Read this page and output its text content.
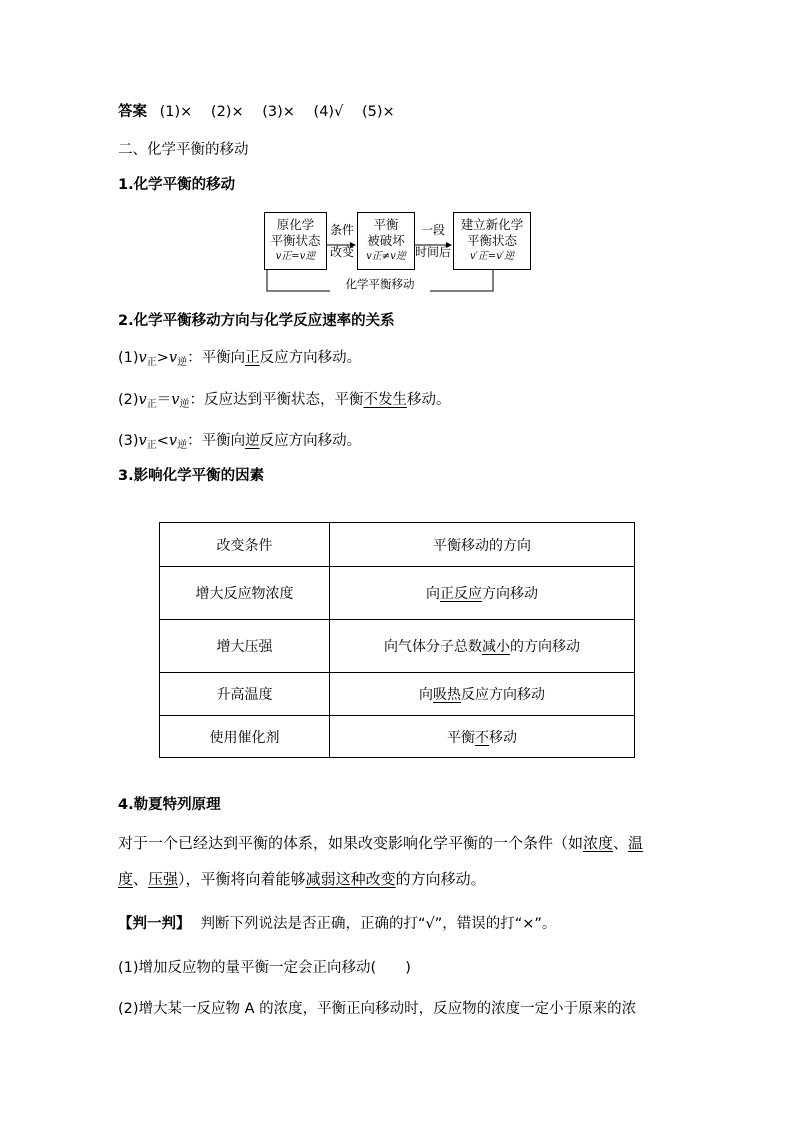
答案 (1)× (2)× (3)× (4)√ (5)×
二、化学平衡的移动
1.化学平衡的移动
原化学
平衡状态
v正=v逆
条件
改变
平衡
被破坏
v正≠v逆
一段
时间后
建立新化学
平衡状态
v′正=v′逆
化学平衡移动
2.化学平衡移动方向与化学反应速率的关系
$(1)v_正>v_逆$：平衡向正反应方向移动。
$(2)v_正=v_逆$：反应达到平衡状态，平衡不发生移动。
$(3)v_正<v_逆$：平衡向逆反应方向移动。
3.影响化学平衡的因素
改变条件	平衡移动的方向
增大反应物浓度	向正反应方向移动
增大压强	向气体分子总数减小的方向移动
升高温度	向吸热反应方向移动
使用催化剂	平衡不移动
4.勒夏特列原理
对于一个已经达到平衡的体系，如果改变影响化学平衡的一个条件（如浓度、温
度、压强），平衡将向着能够减弱这种改变的方向移动。
【判一判】 判断下列说法是否正确，正确的打“√”，错误的打“×”。
(1)增加反应物的量平衡一定会正向移动(　　)
(2)增大某一反应物 A 的浓度，平衡正向移动时，反应物的浓度一定小于原来的浓
